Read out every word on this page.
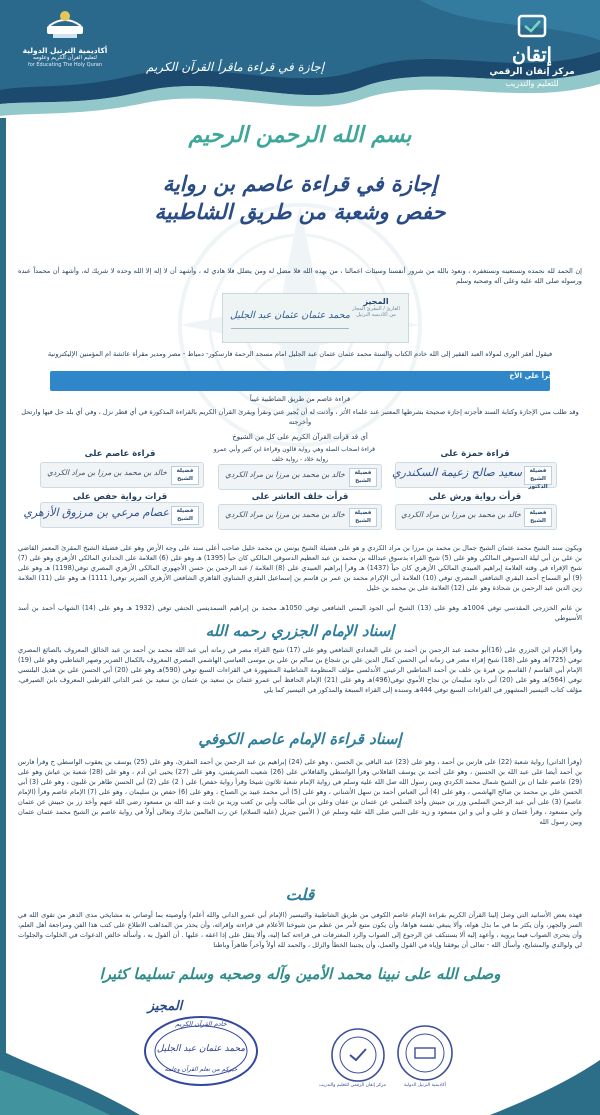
أكاديمية الترتيل الدولية
لتعليم القرآن الكريم وعلومه
for Educating The Holy Quran	إجازة في قراءة ماقرأ القرآن الكريم
إتقان
مركز إتقان الرقمي
للتعليم والتدريب
بسم الله الرحمن الرحيم
إجازة في قراءة عاصم بن رواية
حفص وشعبة من طريق الشاطبية
إن الحمد لله نحمده ونستعينه ونستغفره ، ونعوذ بالله من شرور أنفسنا وسيئات اعمالنا ، من يهده الله فلا مضل له ومن يضلل فلا هادي له ، وأشهد أن لا إله إلا الله وحده لا شريك له، وأشهد أن محمداً عبده ورسوله صلى الله عليه وعلى آله وصحبه وسلم
المجيز
القارئ / المقرئ المجاز من أكاديمية الترتيل
محمد عثمان عثمان عبد الجليل
فيقول أفقر الورى لمولاه العبد الفقير إلى الله خادم الكتاب والسنة محمد عثمان عثمان عبد الجليل امام مسجد الرحمة فارسكور- دمياط - مصر ومدير مقرأة عائشة ام المؤمنين الإليكترونية
قد قرأ علي الأخ
قراءة عاصم من طريق الشاطبية غيباً
وقد طلب مني الإجازة وكتابة السند فأجزته إجازة صحيحة بشرطها المعتبر عند علماء الأثر ، وأذنت له أن يُجيز عني ونقرأ ويقرئ القرآن الكريم بالقراءة المذكورة في أي قطر نزل ، وفي أي بلد حل فيها وارتحل وأخرجته
أي قد قرأت القرآن الكريم على كل من الشيوخ
قراءة حمزة على
قراءة اصحاب الصلة وهي رواية قالون وقراءة ابن كثير وأبي عمرو
رواية خلاد - رواية خلف
قراءة عاصم على
فضيلة الشيخ الدكتور
سعيد صالح زعيمة السكندري
فضيلة الشيخ
خالد بن محمد بن مرزا بن مراد الكردي
فضيلة الشيخ
خالد بن محمد بن مرزا بن مراد الكردي
قرأت رواية ورش على
قرأت خلف العاشر على
قرات رواية حفص على
فضيلة الشيخ
خالد بن محمد بن مرزا بن مراد الكردي
فضيلة الشيخ
خالد بن محمد بن مرزا بن مراد الكردي
فضيلة الشيخ
عصام مرعي بن مرزوق الأزهري
ويكون سند الشيخ محمد عثمان الشيخ جمال بن محمد بن مرزا بن مراد الكردي و هو على فضيلة الشيخ يونس بن محمد خليل صاحب أعلى سند على وجه الأرض وهو على فضيلة الشيخ المقرئ المعمر القاضي بن علي بن أبي ليلة الدسوقي المالكي وهو على (5) شيخ القراء بدسوق عبدالله بن محمد بن عبد العظيم الدسوقي المالكي كان حياً (1395) هـ وهو على (6) العلامة على الحدادي المالكي الأزهري وهو على (7) شيخ الإقراء في وقته العلامة إبراهيم العبيدي المالكي الأزهري كان حياً (1437) هـ وقرأ إبراهيم العبيدي على (8) العلامة / عبد الرحمن بن حسن الأجهوري المالكي الأزهري المصري توفي(1198) هـ وهو على (9) أبو السماح أحمد البقري الشافعي المصري توفي (10) العلامة أبي الإكرام محمد بن عمر بن قاسم بن إسماعيل البقري الشناوي القاهري الشافعي الأزهري الضرير توفي( 1111) هـ وهو على (11) العلامة زين الدين عبد الرحمن بن شحاذة وهو على (12) العلامة على بن محمد بن خليل
بن غانم الخزرجي المقدسي توفي 1004هـ وهو على (13) الشيخ أبي الجود اليمني الشافعي توفي 1050هـ محمد بن إبراهيم السمديسي الحنفي توفي (1932 هـ وهو على (14) الشهاب أحمد بن أسد الأسيوطي
إسناد الإمام الجزري رحمه الله
وقرأ الإمام ابن الجزري على (16)أبو محمد عبد الرحمن بن أحمد بن علي البغدادي الشافعي وهو على (17) شيخ القراء مصر في زمانه أبي عبد الله محمد بن أحمد بن عبد الخالق المعروف بالصائغ المصري توفي (725)هـ وهو على (18) شيخ إقراء مصر في زمانه أبي الحسن كمال الدين علي بن شجاع بن سالم بن علي بن موسى العباسي الهاشمي المصري المعروف بالكمال الضرير وصهر الشاطبي وهو على (19) الإمام أبي القاسم / القاسم بن فيرة بن خلف بن أحمد الشاطبي الرعيني الأندلسي مؤلف المنظومة الشاطبية المشهورة في القراءات السبع توفي (590)هـ وهو على (20) أبي الحسن علي بن هذيل البلنسي توفي (564)هـ وهو على (20) أبي داود سليمان بن نجاح الأموي توفي(496)هـ وهو على (21) الإمام الحافظ أبي عمرو عثمان بن سعيد بن عثمان بن سعيد بن عمر الداني القرطبي المعروف بابن الصيرفي، مؤلف كتاب التيسير المشهور في القراءات السبع توفي 444هـ وسنده إلى القراء السبعة والمذكور في التيسير كما يلي
إسناد قراءة الإمام عاصم الكوفي
(وقرأ الداني) رواية شعبة (22) على فارس بن أحمد ، وهو على (23) عبد الباقي بن الحسن ، وهو على (24) إبراهيم بن عبد الرحمن بن أحمد المقرئ، وهو على (25) يوسف بن يعقوب الواسطي ح وقرأ فارس بن أحمد أيضا على عبد الله بن الحسين ، وهو على أحمد بن يوسف القافلاني وقرأ الواسطي والقافلاني على (26) شعيب الصريفيني، وهو على (27) يحيى ابن آدم ، وهو على (28) شعبة بن عياش وهو على (29) عاصم علما ان بن الشيخ شمال محمد الكردي وبين رسول الله صل الله عليه وسلم في رواية الإمام شعبة ثلاثون شيخا وقرأ رواية حفص) على ( 2) على (2) أبي الحسن طاهر بن غلبون ، وهو على (3) أبي الحسن علي بن محمد بن صالح الهاشمي ، وهو على (4) أبي العباس أحمد بن سهل الأشناني ، وهو على (5) أبي محمد عبيد بن الصباح ، وهو على (6) حفص بن سليمان ، وهو على (7) الإمام عاصم وقرأ (الإمام عاصم) (3) على أبي عبد الرحمن السلمي وزر بن حبيش وأخذ السلمي عن عثمان بن عفان وعلي بن أبي طالب وأبي بن كعب وزيد بن ثابت و عبد الله بن مسعود رضي الله عنهم وأخذ زر بن حبيش عن عثمان وابن مسعود ، وقرأ عثمان و علي و أبي و ابن مسعود و زيد على النبي صلى الله عليه وسلم عن ( الأمين جبريل (عليه السلام) عن رب العالمين تبارك وتعالى أولاً في رواية عاصم بن الشيخ محمد عثمان عثمان وبين رسول الله
قلت
فهذه بعض الأسانيد التي وصل إلينا القرآن الكريم بقراءة الإمام عاصم الكوفي من طريق الشاطبية والتيسير (الإمام أبي عمرو الداني والله أعلم) وأوصيته بما أوصاني به مشايخي مدى الدهر من تقوى الله في السر والجهر، وأن يكثر ما في ما بذل هواه، وألا ينبغي نفسه هواها، وأن يكون متبع لأمر من عظم من شيوخنا الأعلام في قراءته وإقرائه، وأن يحذر من المذاهب الاطلاع على كتب هذا الفن ومراجعة أهل العلم، وأن يتحرى الصواب فيما يرويه ، وأعهد إليه ألا يستنكف عن الرجوع إلى الصواب والرد المغترفات في قراءته كما إليه، وألا يتقل على إذا اعقه ، عليها . أن ألقول به ، وأسأله خالص الدعوات في الخلوات والجلوات لي ولوالدي والمشايخ، وأسأل الله - تعالى أن يوفقنا وإياه في القول والعمل، وأن يجنبنا الخطأ والزلل ، والحمد لله أولاً وآخراً ظاهراً وباطنا
وصلى الله على نبينا محمد الأمين وآله وصحبه وسلم تسليما كثيرا
المجيز
خادم القرآن الكريم
محمد عثمان عبد الجليل
خيركم من تعلم القرآن وعلمه
مركز إتقان الرقمي للتعليم والتدريب	أكاديمية الترتيل الدولية
